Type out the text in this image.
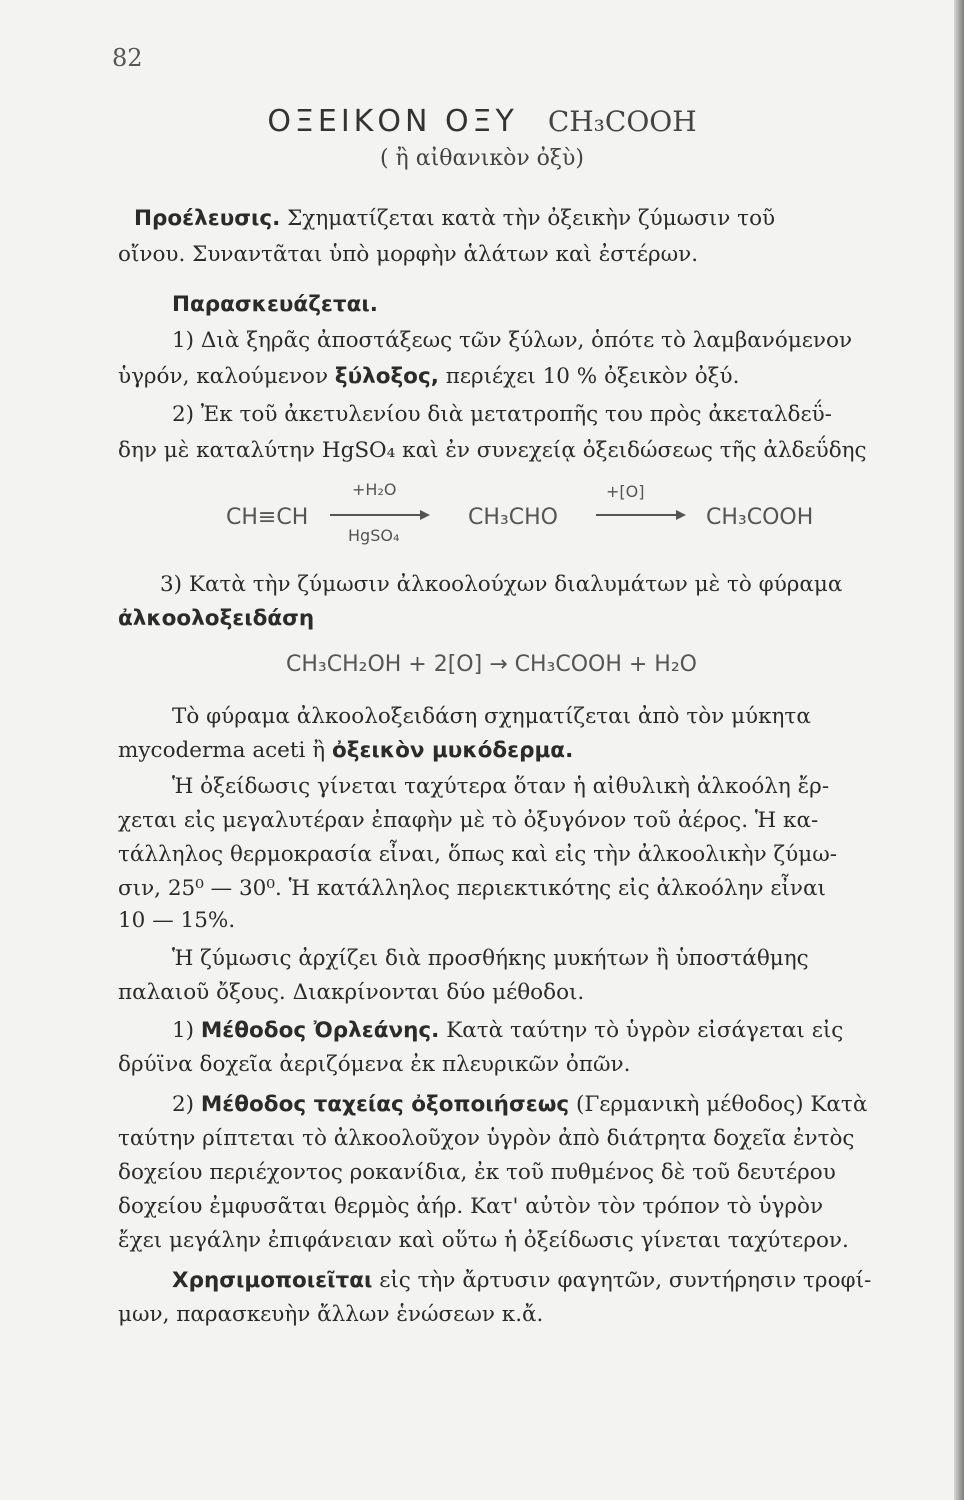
82
ΟΞΕΙΚΟΝ ΟΞΥ CH₃COOH
( ἢ αἰθανικὸν ὀξὺ)
Προέλευσις. Σχηματίζεται κατὰ τὴν ὀξεικὴν ζύμωσιν τοῦ
οἴνου. Συναντᾶται ὑπὸ μορφὴν ἁλάτων καὶ ἐστέρων.
Παρασκευάζεται.
1) Διὰ ξηρᾶς ἀποστάξεως τῶν ξύλων, ὁπότε τὸ λαμβανόμενον
ὑγρόν, καλούμενον ξύλοξος, περιέχει 10 % ὀξεικὸν ὀξύ.
2) Ἐκ τοῦ ἀκετυλενίου διὰ μετατροπῆς του πρὸς ἀκεταλδεΰ-
δην μὲ καταλύτην HgSO₄ καὶ ἐν συνεχείᾳ ὀξειδώσεως τῆς ἀλδεΰδης
CH≡CH
+H₂O
HgSO₄
CH₃CHO
+[O]
CH₃COOH
3) Κατὰ τὴν ζύμωσιν ἀλκοολούχων διαλυμάτων μὲ τὸ φύραμα
ἀλκοολοξειδάση
CH₃CH₂OH + 2[O] → CH₃COOH + H₂O
Τὸ φύραμα ἀλκοολοξειδάση σχηματίζεται ἀπὸ τὸν μύκητα
mycoderma aceti ἢ ὀξεικὸν μυκόδερμα.
Ἡ ὀξείδωσις γίνεται ταχύτερα ὅταν ἡ αἰθυλικὴ ἀλκοόλη ἔρ-
χεται εἰς μεγαλυτέραν ἐπαφὴν μὲ τὸ ὀξυγόνον τοῦ ἀέρος. Ἡ κα-
τάλληλος θερμοκρασία εἶναι, ὅπως καὶ εἰς τὴν ἀλκοολικὴν ζύμω-
σιν, 25⁰ — 30⁰. Ἡ κατάλληλος περιεκτικότης εἰς ἀλκοόλην εἶναι
10 — 15%.
Ἡ ζύμωσις ἀρχίζει διὰ προσθήκης μυκήτων ἢ ὑποστάθμης
παλαιοῦ ὄξους. Διακρίνονται δύο μέθοδοι.
1) Μέθοδος Ὀρλεάνης. Κατὰ ταύτην τὸ ὑγρὸν εἰσάγεται εἰς
δρύϊνα δοχεῖα ἀεριζόμενα ἐκ πλευρικῶν ὀπῶν.
2) Μέθοδος ταχείας ὀξοποιήσεως (Γερμανικὴ μέθοδος) Κατὰ
ταύτην ρίπτεται τὸ ἀλκοολοῦχον ὑγρὸν ἀπὸ διάτρητα δοχεῖα ἐντὸς
δοχείου περιέχοντος ροκανίδια, ἐκ τοῦ πυθμένος δὲ τοῦ δευτέρου
δοχείου ἐμφυσᾶται θερμὸς ἀήρ. Κατ' αὐτὸν τὸν τρόπον τὸ ὑγρὸν
ἔχει μεγάλην ἐπιφάνειαν καὶ οὕτω ἡ ὀξείδωσις γίνεται ταχύτερον.
Χρησιμοποιεῖται εἰς τὴν ἄρτυσιν φαγητῶν, συντήρησιν τροφί-
μων, παρασκευὴν ἄλλων ἑνώσεων κ.ἄ.
